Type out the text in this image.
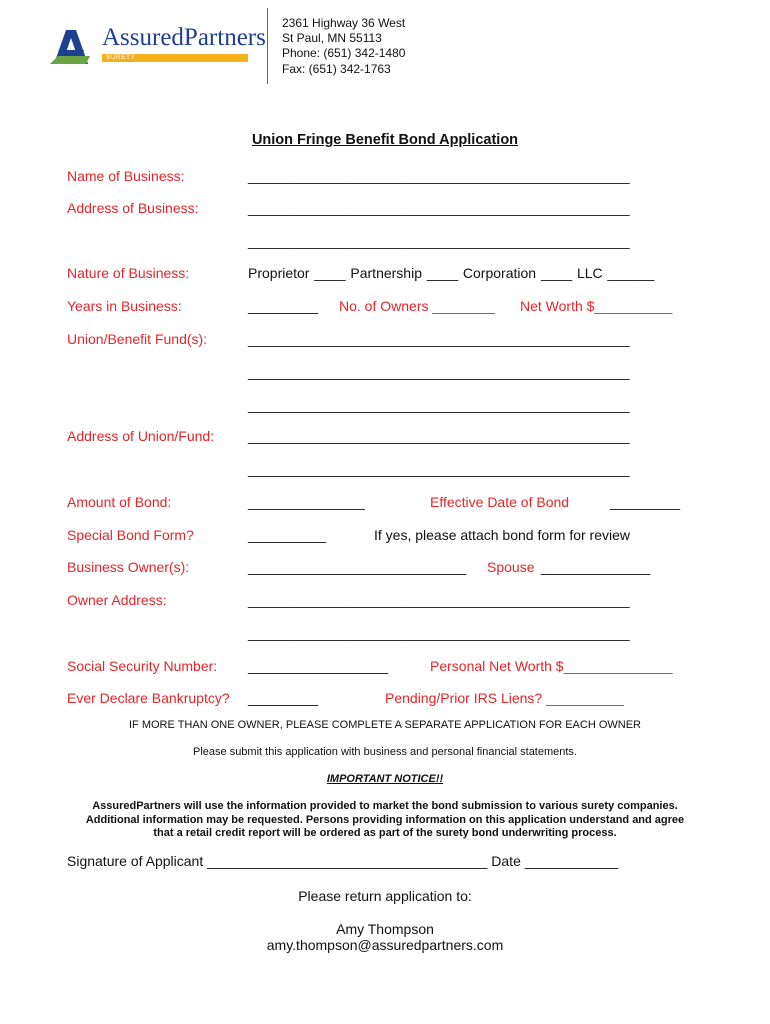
AssuredPartners
SURETY
2361 Highway 36 West
St Paul, MN 55113
Phone: (651) 342-1480
Fax: (651) 342-1763
Union Fringe Benefit Bond Application
Name of Business:	_________________________________________________
Address of Business:	_________________________________________________
_________________________________________________
Nature of Business:	Proprietor ____ Partnership ____ Corporation ____ LLC ______
Years in Business:	_________ No. of Owners ________ Net Worth $__________
Union/Benefit Fund(s):	_________________________________________________
_________________________________________________
_________________________________________________
Address of Union/Fund: _________________________________________________
_________________________________________________
Amount of Bond:	_______________	Effective Date of Bond	_________
Special Bond Form?	__________	If yes, please attach bond form for review
Business Owner(s):	____________________________ Spouse ______________
Owner Address:	_________________________________________________
_________________________________________________
Social Security Number: __________________	Personal Net Worth $______________
Ever Declare Bankruptcy? _________	Pending/Prior IRS Liens? __________
IF MORE THAN ONE OWNER, PLEASE COMPLETE A SEPARATE APPLICATION FOR EACH OWNER
Please submit this application with business and personal financial statements.
IMPORTANT NOTICE!!
AssuredPartners will use the information provided to market the bond submission to various surety companies. Additional information may be requested. Persons providing information on this application understand and agree that a retail credit report will be ordered as part of the surety bond underwriting process.
Signature of Applicant ____________________________________ Date ____________
Please return application to:
Amy Thompson
amy.thompson@assuredpartners.com
